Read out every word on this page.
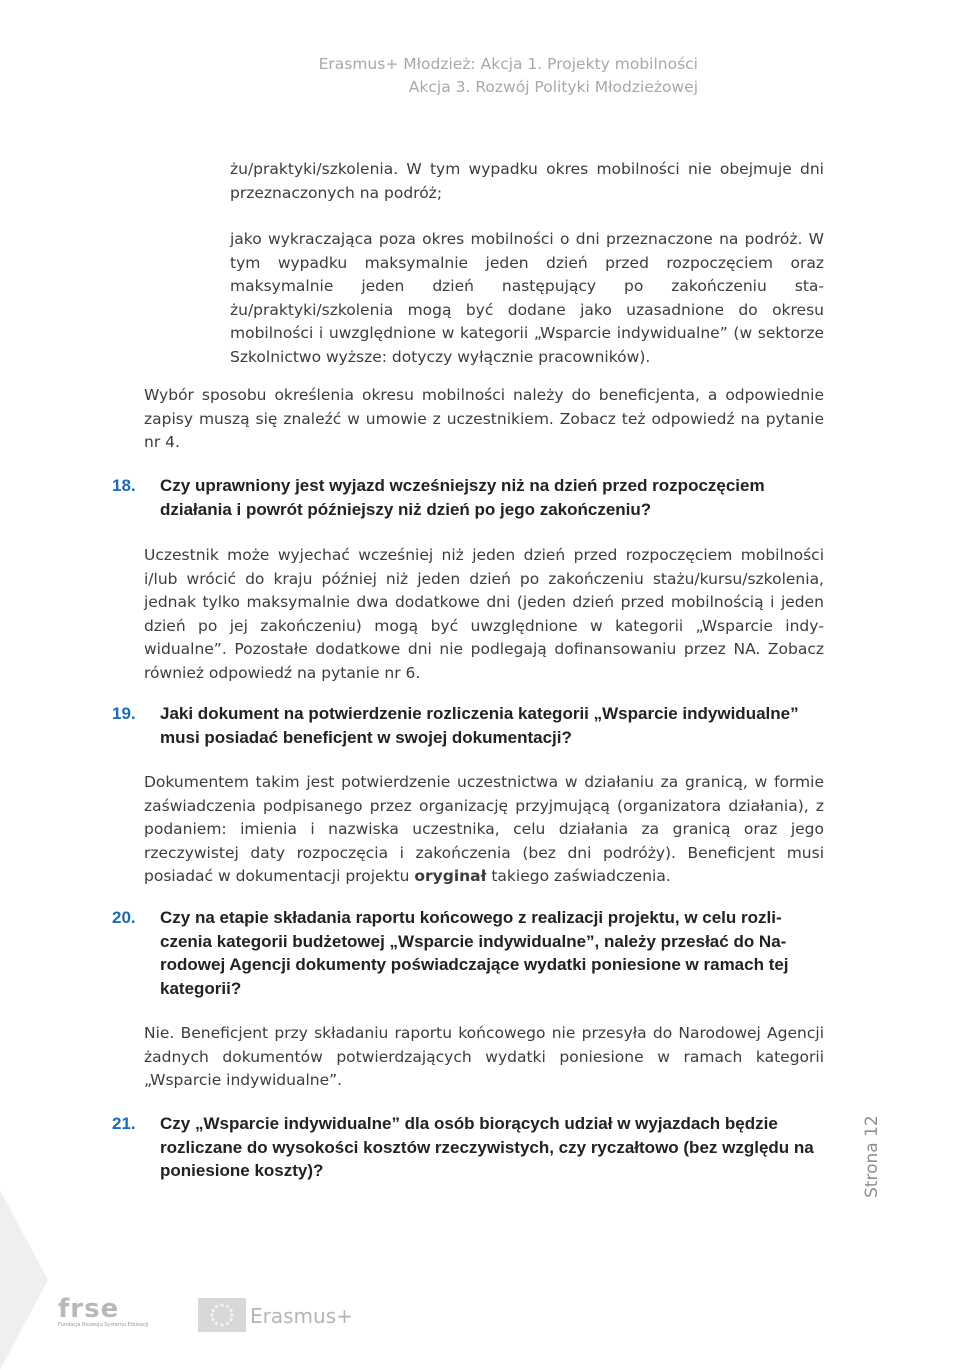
Erasmus+ Młodzież: Akcja 1. Projekty mobilności
Akcja 3. Rozwój Polityki Młodzieżowej

żu/praktyki/szkolenia. W tym wypadku okres mobilności nie obejmuje dni przeznaczonych na podróż;

jako wykraczająca poza okres mobilności o dni przeznaczone na podróż. W tym wypadku maksymalnie jeden dzień przed rozpoczęciem oraz maksymalnie jeden dzień następujący po zakończeniu stażu/praktyki/szkolenia mogą być dodane jako uzasadnione do okresu mobilności i uwzględnione w kategorii „Wsparcie indywidualne” (w sektorze Szkolnictwo wyższe: dotyczy wyłącznie pracowników).

Wybór sposobu określenia okresu mobilności należy do beneficjenta, a odpowiednie zapisy muszą się znaleźć w umowie z uczestnikiem. Zobacz też odpowiedź na pytanie nr 4.

18. Czy uprawniony jest wyjazd wcześniejszy niż na dzień przed rozpoczęciem działania i powrót późniejszy niż dzień po jego zakończeniu?

Uczestnik może wyjechać wcześniej niż jeden dzień przed rozpoczęciem mobilności i/lub wrócić do kraju później niż jeden dzień po zakończeniu stażu/kursu/szkolenia, jednak tylko maksymalnie dwa dodatkowe dni (jeden dzień przed mobilnością i jeden dzień po jej zakończeniu) mogą być uwzględnione w kategorii „Wsparcie indywidualne”. Pozostałe dodatkowe dni nie podlegają dofinansowaniu przez NA. Zobacz również odpowiedź na pytanie nr 6.

19. Jaki dokument na potwierdzenie rozliczenia kategorii „Wsparcie indywidualne” musi posiadać beneficjent w swojej dokumentacji?

Dokumentem takim jest potwierdzenie uczestnictwa w działaniu za granicą, w formie zaświadczenia podpisanego przez organizację przyjmującą (organizatora działania), z podaniem: imienia i nazwiska uczestnika, celu działania za granicą oraz jego rzeczywistej daty rozpoczęcia i zakończenia (bez dni podróży). Beneficjent musi posiadać w dokumentacji projektu oryginał takiego zaświadczenia.

20. Czy na etapie składania raportu końcowego z realizacji projektu, w celu rozliczenia kategorii budżetowej „Wsparcie indywidualne”, należy przesłać do Narodowej Agencji dokumenty poświadczające wydatki poniesione w ramach tej kategorii?

Nie. Beneficjent przy składaniu raportu końcowego nie przesyła do Narodowej Agencji żadnych dokumentów potwierdzających wydatki poniesione w ramach kategorii „Wsparcie indywidualne”.

21. Czy „Wsparcie indywidualne” dla osób biorących udział w wyjazdach będzie rozliczane do wysokości kosztów rzeczywistych, czy ryczałtowo (bez względu na poniesione koszty)?	Strona 12
frse
Fundacja Rozwoju Systemu Edukacji	Erasmus+
